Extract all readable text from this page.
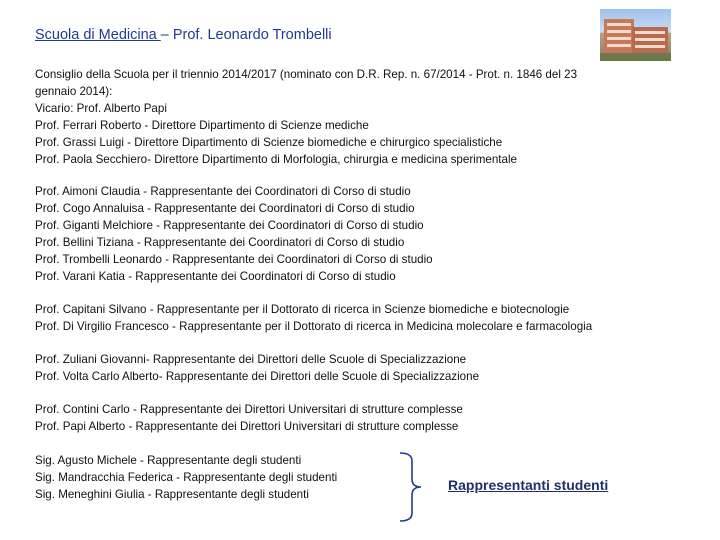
Scuola di Medicina – Prof. Leonardo Trombelli
Consiglio della Scuola per il triennio 2014/2017 (nominato con D.R. Rep. n. 67/2014 - Prot. n. 1846 del 23
gennaio 2014):
Vicario: Prof. Alberto Papi
Prof. Ferrari Roberto - Direttore Dipartimento di Scienze mediche
Prof. Grassi Luigi - Direttore Dipartimento di Scienze biomediche e chirurgico specialistiche
Prof. Paola Secchiero- Direttore Dipartimento di Morfologia, chirurgia e medicina sperimentale
Prof. Aimoni Claudia - Rappresentante dei Coordinatori di Corso di studio
Prof. Cogo Annaluisa - Rappresentante dei Coordinatori di Corso di studio
Prof. Giganti Melchiore - Rappresentante dei Coordinatori di Corso di studio
Prof. Bellini Tiziana - Rappresentante dei Coordinatori di Corso di studio
Prof. Trombelli Leonardo - Rappresentante dei Coordinatori di Corso di studio
Prof. Varani Katia - Rappresentante dei Coordinatori di Corso di studio
Prof. Capitani Silvano - Rappresentante per il Dottorato di ricerca in Scienze biomediche e biotecnologie
Prof. Di Virgilio Francesco - Rappresentante per il Dottorato di ricerca in Medicina molecolare e farmacologia
Prof. Zuliani Giovanni- Rappresentante dei Direttori delle Scuole di Specializzazione
Prof. Volta Carlo Alberto- Rappresentante dei Direttori delle Scuole di Specializzazione
Prof. Contini Carlo - Rappresentante dei Direttori Universitari di strutture complesse
Prof. Papi Alberto - Rappresentante dei Direttori Universitari di strutture complesse
Sig. Agusto Michele - Rappresentante degli studenti
Sig. Mandracchia Federica - Rappresentante degli studenti
Sig. Meneghini Giulia - Rappresentante degli studenti
Rappresentanti studenti
